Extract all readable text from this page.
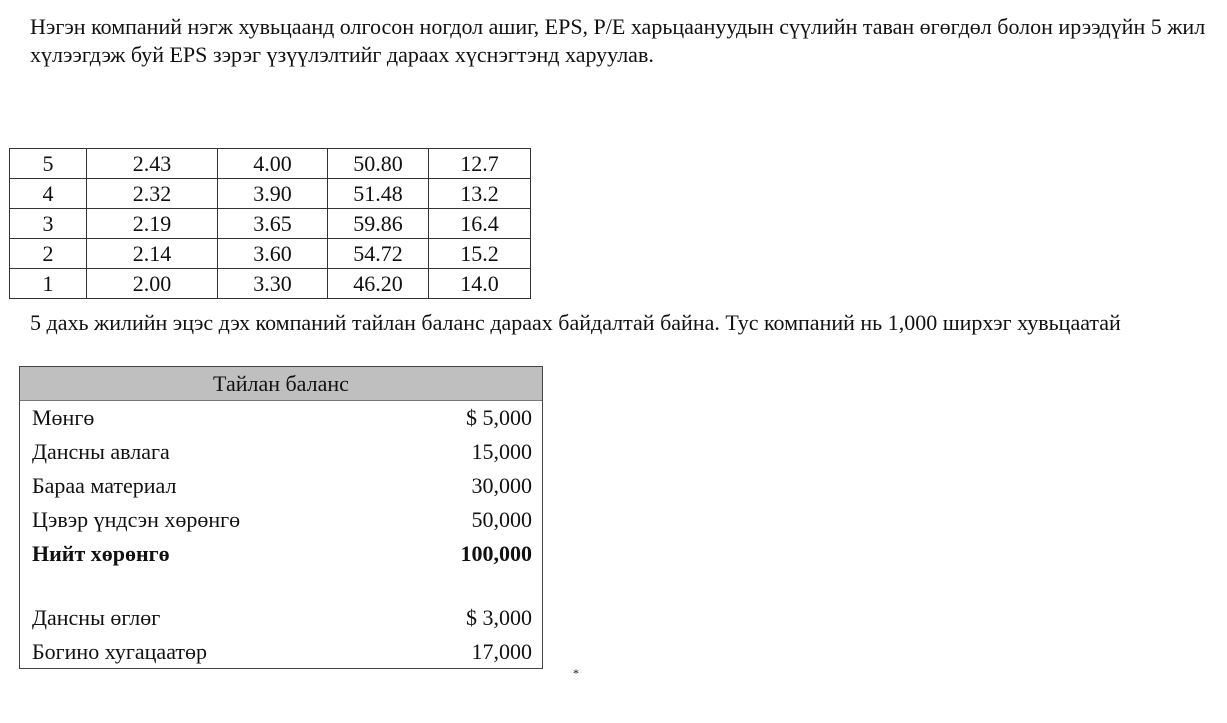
Нэгэн компаний нэгж хувьцаанд олгосон ногдол ашиг, EPS, P/E харьцаануудын сүүлийн таван өгөгдөл болон ирээдүйн 5 жил хүлээгдэж буй EPS зэрэг үзүүлэлтийг дараах хүснэгтэнд харуулав.

5	2.43	4.00	50.80	12.7
4	2.32	3.90	51.48	13.2
3	2.19	3.65	59.86	16.4
2	2.14	3.60	54.72	15.2
1	2.00	3.30	46.20	14.0

5 дахь жилийн эцэс дэх компаний тайлан баланс дараах байдалтай байна. Тус компаний нь 1,000 ширхэг хувьцаатай

Тайлан баланс
Мөнгө	$ 5,000
Дансны авлага	15,000
Бараа материал	30,000
Цэвэр үндсэн хөрөнгө	50,000
Нийт хөрөнгө	100,000
Дансны өглөг	$ 3,000
Богино хугацаатөр	17,000
*
